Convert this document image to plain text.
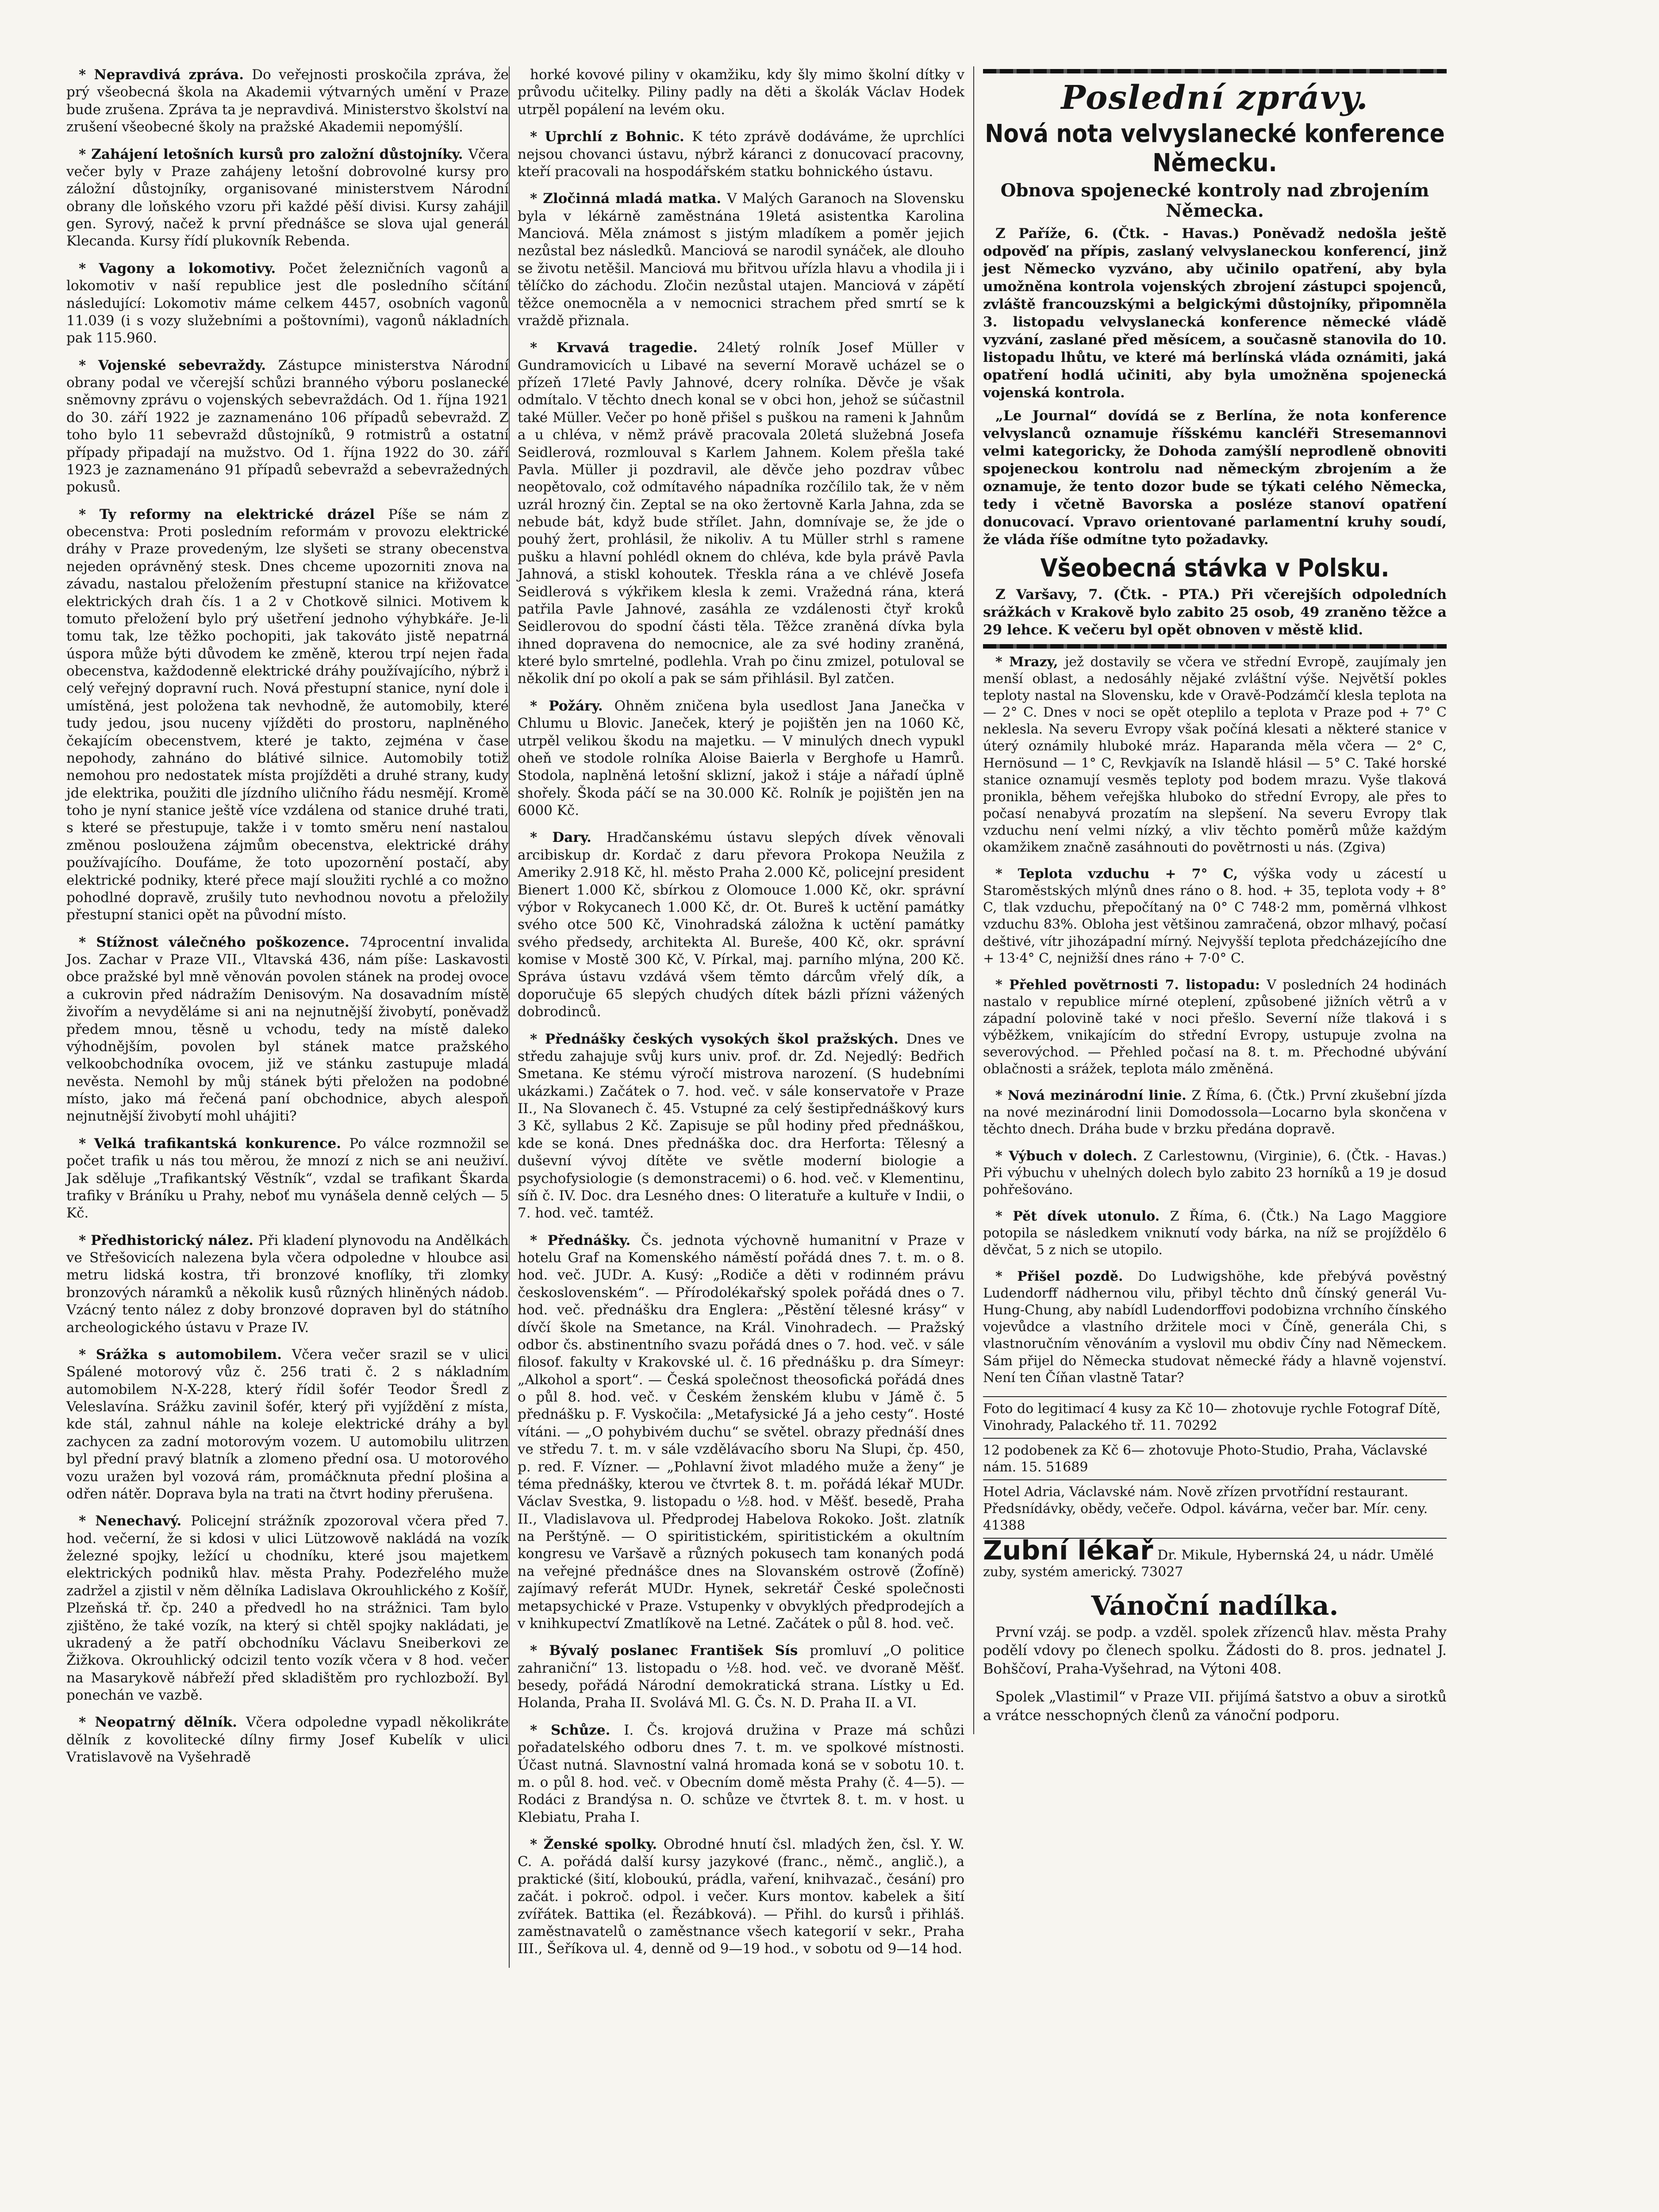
* Nepravdivá zpráva. Do veřejnosti proskočila zpráva, že prý všeobecná škola na Akademii výtvarných umění v Praze bude zrušena. Zpráva ta je nepravdivá. Ministerstvo školství na zrušení všeobecné školy na pražské Akademii nepomýšlí.

* Zahájení letošních kursů pro založní důstojníky. Včera večer byly v Praze zahájeny letošní dobrovolné kursy pro záložní důstojníky, organisované ministerstvem Národní obrany dle loňského vzoru při každé pěší divisi. Kursy zahájil gen. Syrový, načež k první přednášce se slova ujal generál Klecanda. Kursy řídí plukovník Rebenda.

* Vagony a lokomotivy. Počet železničních vagonů a lokomotiv v naší republice jest dle posledního sčítání následující: Lokomotiv máme celkem 4457, osobních vagonů 11.039 (i s vozy služebními a poštovními), vagonů nákladních pak 115.960.

* Vojenské sebevraždy. Zástupce ministerstva Národní obrany podal ve včerejší schůzi branného výboru poslanecké sněmovny zprávu o vojenských sebevraždách. Od 1. října 1921 do 30. září 1922 je zaznamenáno 106 případů sebevražd. Z toho bylo 11 sebevražd důstojníků, 9 rotmistrů a ostatní případy připadají na mužstvo. Od 1. října 1922 do 30. září 1923 je zaznamenáno 91 případů sebevražd a sebevražedných pokusů.

* Ty reformy na elektrické drázel Píše se nám z obecenstva: Proti posledním reformám v provozu elektrické dráhy v Praze provedeným, lze slyšeti se strany obecenstva nejeden oprávněný stesk. Dnes chceme upozorniti znova na závadu, nastalou přeložením přestupní stanice na křižovatce elektrických drah čís. 1 a 2 v Chotkově silnici. Motivem k tomuto přeložení bylo prý ušetření jednoho výhybkáře. Je-li tomu tak, lze těžko pochopiti, jak takováto jistě nepatrná úspora může býti důvodem ke změně, kterou trpí nejen řada obecenstva, každodenně elektrické dráhy používajícího, nýbrž i celý veřejný dopravní ruch. Nová přestupní stanice, nyní dole i umístěná, jest položena tak nevhodně, že automobily, které tudy jedou, jsou nuceny vjížděti do prostoru, naplněného čekajícím obecenstvem, které je takto, zejména v čase nepohody, zahnáno do blátivé silnice. Automobily totiž nemohou pro nedostatek místa projížděti a druhé strany, kudy jde elektrika, použiti dle jízdního uličního řádu nesmějí. Kromě toho je nyní stanice ještě více vzdálena od stanice druhé trati, s které se přestupuje, takže i v tomto směru není nastalou změnou posloužena zájmům obecenstva, elektrické dráhy používajícího. Doufáme, že toto upozornění postačí, aby elektrické podniky, které přece mají sloužiti rychlé a co možno pohodlné dopravě, zrušily tuto nevhodnou novotu a přeložily přestupní stanici opět na původní místo.

* Stížnost válečného poškozence. 74procentní invalida Jos. Zachar v Praze VII., Vltavská 436, nám píše: Laskavosti obce pražské byl mně věnován povolen stánek na prodej ovoce a cukrovin před nádražím Denisovým. Na dosavadním místě živořím a nevyděláme si ani na nejnutnější živobytí, poněvadž předem mnou, těsně u vchodu, tedy na místě daleko výhodnějším, povolen byl stánek matce pražského velkoobchodníka ovocem, již ve stánku zastupuje mladá nevěsta. Nemohl by můj stánek býti přeložen na podobné místo, jako má řečená paní obchodnice, abych alespoň nejnutnější živobytí mohl uhájiti?

* Velká trafikantská konkurence. Po válce rozmnožil se počet trafik u nás tou měrou, že mnozí z nich se ani neuživí. Jak sděluje „Trafikantský Věstník“, vzdal se trafikant Škarda trafiky v Bráníku u Prahy, neboť mu vynášela denně celých — 5 Kč.

* Předhistorický nález. Při kladení plynovodu na Andělkách ve Střešovicích nalezena byla včera odpoledne v hloubce asi metru lidská kostra, tři bronzové knoflíky, tři zlomky bronzových náramků a několik kusů různých hliněných nádob. Vzácný tento nález z doby bronzové dopraven byl do státního archeologického ústavu v Praze IV.

* Srážka s automobilem. Včera večer srazil se v ulici Spálené motorový vůz č. 256 trati č. 2 s nákladním automobilem N-X-228, který řídil šofér Teodor Šredl z Veleslavína. Srážku zavinil šofér, který při vyjíždění z místa, kde stál, zahnul náhle na koleje elektrické dráhy a byl zachycen za zadní motorovým vozem. U automobilu ulitrzen byl přední pravý blatník a zlomeno přední osa. U motorového vozu uražen byl vozová rám, promáčknuta přední plošina a odřen nátěr. Doprava byla na trati na čtvrt hodiny přerušena.

* Nenechavý. Policejní strážník zpozoroval včera před 7. hod. večerní, že si kdosi v ulici Lützowově nakládá na vozík železné spojky, ležící u chodníku, které jsou majetkem elektrických podniků hlav. města Prahy. Podezřelého muže zadržel a zjistil v něm dělníka Ladislava Okrouhlického z Košíř, Plzeňská tř. čp. 240 a předvedl ho na strážnici. Tam bylo zjištěno, že také vozík, na který si chtěl spojky nakládati, je ukradený a že patří obchodníku Václavu Sneiberkovi ze Žižkova. Okrouhlický odcizil tento vozík včera v 8 hod. večer na Masarykově nábřeží před skladištěm pro rychlozboží. Byl ponechán ve vazbě.

* Neopatrný dělník. Včera odpoledne vypadl několikráte dělník z kovolitecké dílny firmy Josef Kubelík v ulici Vratislavově na Vyšehradě

horké kovové piliny v okamžiku, kdy šly mimo školní dítky v průvodu učitelky. Piliny padly na děti a školák Václav Hodek utrpěl popálení na levém oku.

* Uprchlí z Bohnic. K této zprávě dodáváme, že uprchlíci nejsou chovanci ústavu, nýbrž káranci z donucovací pracovny, kteří pracovali na hospodářském statku bohnického ústavu.

* Zločinná mladá matka. V Malých Garanoch na Slovensku byla v lékárně zaměstnána 19letá asistentka Karolina Manciová. Měla známost s jistým mladíkem a poměr jejich nezůstal bez následků. Manciová se narodil synáček, ale dlouho se životu netěšil. Manciová mu břitvou uřízla hlavu a vhodila ji i tělíčko do záchodu. Zločin nezůstal utajen. Manciová v zápětí těžce onemocněla a v nemocnici strachem před smrtí se k vraždě přiznala.

* Krvavá tragedie. 24letý rolník Josef Müller v Gundramovicích u Libavé na severní Moravě ucházel se o přízeň 17leté Pavly Jahnové, dcery rolníka. Děvče je však odmítalo. V těchto dnech konal se v obci hon, jehož se súčastnil také Müller. Večer po honě přišel s puškou na rameni k Jahnům a u chléva, v němž právě pracovala 20letá služebná Josefa Seidlerová, rozmlouval s Karlem Jahnem. Kolem přešla také Pavla. Müller ji pozdravil, ale děvče jeho pozdrav vůbec neopětovalo, což odmítavého nápadníka rozčílilo tak, že v něm uzrál hrozný čin. Zeptal se na oko žertovně Karla Jahna, zda se nebude bát, když bude střílet. Jahn, domnívaje se, že jde o pouhý žert, prohlásil, že nikoliv. A tu Müller strhl s ramene pušku a hlavní pohlédl oknem do chléva, kde byla právě Pavla Jahnová, a stiskl kohoutek. Třeskla rána a ve chlévě Josefa Seidlerová s výkřikem klesla k zemi. Vražedná rána, která patřila Pavle Jahnové, zasáhla ze vzdálenosti čtyř kroků Seidlerovou do spodní části těla. Těžce zraněná dívka byla ihned dopravena do nemocnice, ale za své hodiny zraněná, které bylo smrtelné, podlehla. Vrah po činu zmizel, potuloval se několik dní po okolí a pak se sám přihlásil. Byl zatčen.

* Požáry. Ohněm zničena byla usedlost Jana Janečka v Chlumu u Blovic. Janeček, který je pojištěn jen na 1060 Kč, utrpěl velikou škodu na majetku. — V minulých dnech vypukl oheň ve stodole rolníka Aloise Baierla v Berghofe u Hamrů. Stodola, naplněná letošní sklizní, jakož i stáje a nářadí úplně shořely. Škoda páčí se na 30.000 Kč. Rolník je pojištěn jen na 6000 Kč.

* Dary. Hradčanskému ústavu slepých dívek věnovali arcibiskup dr. Kordač z daru převora Prokopa Neužila z Ameriky 2.918 Kč, hl. město Praha 2.000 Kč, policejní president Bienert 1.000 Kč, sbírkou z Olomouce 1.000 Kč, okr. správní výbor v Rokycanech 1.000 Kč, dr. Ot. Bureš k uctění památky svého otce 500 Kč, Vinohradská záložna k uctění památky svého předsedy, architekta Al. Bureše, 400 Kč, okr. správní komise v Mostě 300 Kč, V. Pírkal, maj. parního mlýna, 200 Kč. Správa ústavu vzdává všem těmto dárcům vřelý dík, a doporučuje 65 slepých chudých dítek bázli přízni vážených dobrodinců.

* Přednášky českých vysokých škol pražských. Dnes ve středu zahajuje svůj kurs univ. prof. dr. Zd. Nejedlý: Bedřich Smetana. Ke stému výročí mistrova narození. (S hudebními ukázkami.) Začátek o 7. hod. več. v sále konservatoře v Praze II., Na Slovanech č. 45. Vstupné za celý šestipřednáškový kurs 3 Kč, syllabus 2 Kč. Zapisuje se půl hodiny před přednáškou, kde se koná. Dnes přednáška doc. dra Herforta: Tělesný a duševní vývoj dítěte ve světle moderní biologie a psychofysiologie (s demonstracemi) o 6. hod. več. v Klementinu, síň č. IV. Doc. dra Lesného dnes: O literatuře a kultuře v Indii, o 7. hod. več. tamtéž.

* Přednášky. Čs. jednota výchovně humanitní v Praze v hotelu Graf na Komenského náměstí pořádá dnes 7. t. m. o 8. hod. več. JUDr. A. Kusý: „Rodiče a děti v rodinném právu československém“. — Přírodolékařský spolek pořádá dnes o 7. hod. več. přednášku dra Englera: „Pěstění tělesné krásy“ v dívčí škole na Smetance, na Král. Vinohradech. — Pražský odbor čs. abstinentního svazu pořádá dnes o 7. hod. več. v sále filosof. fakulty v Krakovské ul. č. 16 přednášku p. dra Símeyr: „Alkohol a sport“. — Česká společnost theosofická pořádá dnes o půl 8. hod. več. v Českém ženském klubu v Jámě č. 5 přednášku p. F. Vyskočila: „Metafysické Já a jeho cesty“. Hosté vítáni. — „O pohybivém duchu“ se světel. obrazy přednáší dnes ve středu 7. t. m. v sále vzdělávacího sboru Na Slupi, čp. 450, p. red. F. Vízner. — „Pohlavní život mladého muže a ženy“ je téma přednášky, kterou ve čtvrtek 8. t. m. pořádá lékař MUDr. Václav Svestka, 9. listopadu o ½8. hod. v Měšť. besedě, Praha II., Vladislavova ul. Předprodej Habelova Rokoko. Jošt. zlatník na Perštýně. — O spiritistickém, spiritistickém a okultním kongresu ve Varšavě a různých pokusech tam konaných podá na veřejné přednášce dnes na Slovanském ostrově (Žofíně) zajímavý referát MUDr. Hynek, sekretář České společnosti metapsychické v Praze. Vstupenky v obvyklých předprodejích a v knihkupectví Zmatlíkově na Letné. Začátek o půl 8. hod. več.

* Bývalý poslanec František Sís promluví „O politice zahraniční“ 13. listopadu o ½8. hod. več. ve dvoraně Měšť. besedy, pořádá Národní demokratická strana. Lístky u Ed. Holanda, Praha II. Svolává Ml. G. Čs. N. D. Praha II. a VI.

* Schůze. I. Čs. krojová družina v Praze má schůzi pořadatelského odboru dnes 7. t. m. ve spolkové místnosti. Účast nutná. Slavnostní valná hromada koná se v sobotu 10. t. m. o půl 8. hod. več. v Obecním domě města Prahy (č. 4—5). — Rodáci z Brandýsa n. O. schůze ve čtvrtek 8. t. m. v host. u Klebiatu, Praha I.

* Ženské spolky. Obrodné hnutí čsl. mladých žen, čsl. Y. W. C. A. pořádá další kursy jazykové (franc., němč., anglič.), a praktické (šití, kloboukú, prádla, vaření, knihvazač., česání) pro začát. i pokroč. odpol. i večer. Kurs montov. kabelek a šití zvířátek. Battika (el. Řezábková). — Přihl. do kursů i přihláš. zaměstnavatelů o zaměstnance všech kategorií v sekr., Praha III., Šeříkova ul. 4, denně od 9—19 hod., v sobotu od 9—14 hod.

Poslední zprávy.
Nová nota velvyslanecké konference Německu.
Obnova spojenecké kontroly nad zbrojením Německa.

Z Paříže, 6. (Čtk. - Havas.) Poněvadž nedošla ještě odpověď na přípis, zaslaný velvyslaneckou konferencí, jinž jest Německo vyzváno, aby učinilo opatření, aby byla umožněna kontrola vojenských zbrojení zástupci spojenců, zvláště francouzskými a belgickými důstojníky, připomněla 3. listopadu velvyslanecká konference německé vládě vyzvání, zaslané před měsícem, a současně stanovila do 10. listopadu lhůtu, ve které má berlínská vláda oznámiti, jaká opatření hodlá učiniti, aby byla umožněna spojenecká vojenská kontrola.

„Le Journal“ dovídá se z Berlína, že nota konference velvyslanců oznamuje říšskému kancléři Stresemannovi velmi kategoricky, že Dohoda zamýšlí neprodleně obnoviti spojeneckou kontrolu nad německým zbrojením a že oznamuje, že tento dozor bude se týkati celého Německa, tedy i včetně Bavorska a posléze stanoví opatření donucovací. Vpravo orientované parlamentní kruhy soudí, že vláda říše odmítne tyto požadavky.

Všeobecná stávka v Polsku.

Z Varšavy, 7. (Čtk. - PTA.) Při včerejších odpoledních srážkách v Krakově bylo zabito 25 osob, 49 zraněno těžce a 29 lehce. K večeru byl opět obnoven v městě klid.

* Mrazy, jež dostavily se včera ve střední Evropě, zaujímaly jen menší oblast, a nedosáhly nějaké zvláštní výše. Největší pokles teploty nastal na Slovensku, kde v Oravě-Podzámčí klesla teplota na — 2° C. Dnes v noci se opět oteplilo a teplota v Praze pod + 7° C neklesla. Na severu Evropy však počíná klesati a některé stanice v úterý oznámily hluboké mráz. Haparanda měla včera — 2° C, Hernösund — 1° C, Revkjavík na Islandě hlásil — 5° C. Také horské stanice oznamují vesměs teploty pod bodem mrazu. Vyše tlaková pronikla, během veřejška hluboko do střední Evropy, ale přes to počasí nenabyvá prozatím na slepšení. Na severu Evropy tlak vzduchu není velmi nízký, a vliv těchto poměrů může každým okamžikem značně zasáhnouti do povětrnosti u nás. (Zgiva)

* Teplota vzduchu + 7° C, výška vody u zácestí u Staroměstských mlýnů dnes ráno o 8. hod. + 35, teplota vody + 8° C, tlak vzduchu, přepočítaný na 0° C 748·2 mm, poměrná vlhkost vzduchu 83%. Obloha jest většinou zamračená, obzor mlhavý, počasí deštivé, vítr jihozápadní mírný. Nejvyšší teplota předcházejícího dne + 13·4° C, nejnižší dnes ráno + 7·0° C.

* Přehled povětrnosti 7. listopadu: V posledních 24 hodinách nastalo v republice mírné oteplení, způsobené jižních větrů a v západní polovině také v noci přešlo. Severní níže tlaková i s výběžkem, vnikajícím do střední Evropy, ustupuje zvolna na severovýchod. — Přehled počasí na 8. t. m. Přechodné ubývání oblačnosti a srážek, teplota málo změněná.

* Nová mezinárodní linie. Z Říma, 6. (Čtk.) První zkušební jízda na nové mezinárodní linii Domodossola—Locarno byla skončena v těchto dnech. Dráha bude v brzku předána dopravě.

* Výbuch v dolech. Z Carlestownu, (Virginie), 6. (Čtk. - Havas.) Při výbuchu v uhelných dolech bylo zabito 23 horníků a 19 je dosud pohřešováno.

* Pět dívek utonulo. Z Říma, 6. (Čtk.) Na Lago Maggiore potopila se následkem vniknutí vody bárka, na níž se projíždělo 6 děvčat, 5 z nich se utopilo.

* Přišel pozdě. Do Ludwigshöhe, kde přebývá pověstný Ludendorff nádhernou vilu, přibyl těchto dnů čínský generál Vu-Hung-Chung, aby nabídl Ludendorffovi podobizna vrchního čínského vojevůdce a vlastního držitele moci v Číně, generála Chi, s vlastnoručním věnováním a vyslovil mu obdiv Číny nad Německem. Sám přijel do Německa studovat německé řády a hlavně vojenství. Není ten Číňan vlastně Tatar?

Foto do legitimací 4 kusy za Kč 10— zhotovuje rychle Fotograf Dítě, Vinohrady, Palackého tř. 11. 70292
12 podobenek za Kč 6— zhotovuje Photo-Studio, Praha, Václavské nám. 15. 51689
Hotel Adria, Václavské nám. Nově zřízen prvotřídní restaurant. Předsnídávky, obědy, večeře. Odpol. kávárna, večer bar. Mír. ceny. 41388
Zubní lékař Dr. Mikule, Hybernská 24, u nádr. Umělé zuby, systém americký. 73027
Vánoční nadílka.

První vzáj. se podp. a vzděl. spolek zřízenců hlav. města Prahy podělí vdovy po členech spolku. Žádosti do 8. pros. jednatel J. Bohščoví, Praha-Vyšehrad, na Výtoni 408.

Spolek „Vlastimil“ v Praze VII. přijímá šatstvo a obuv a sirotků a vrátce nesschopných členů za vánoční podporu.
